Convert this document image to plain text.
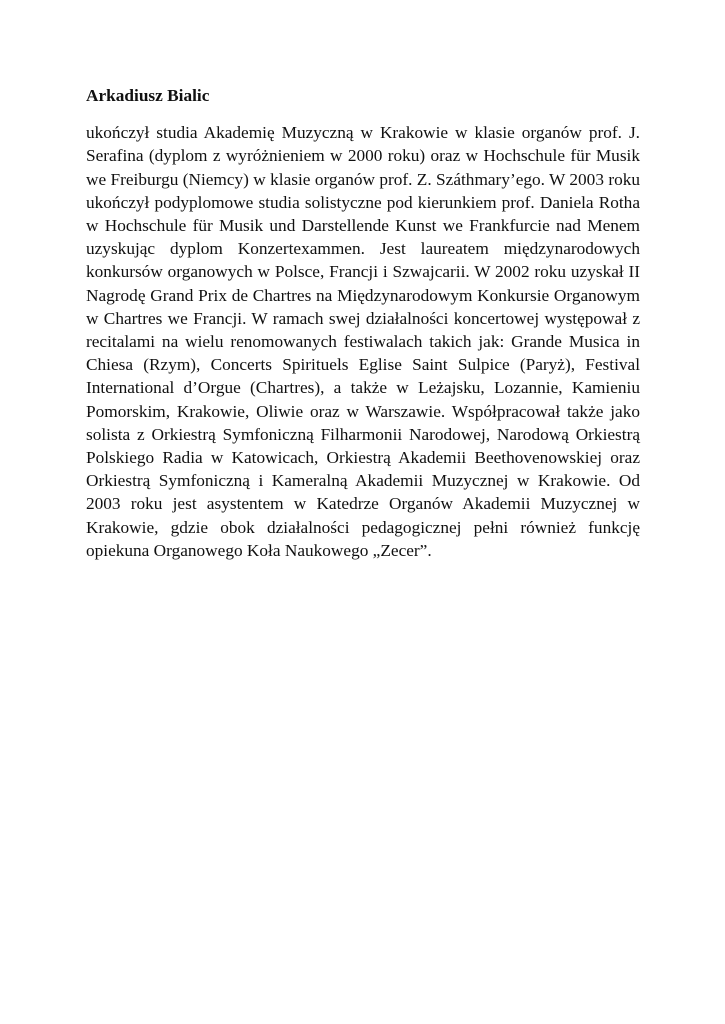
Arkadiusz Bialic

ukończył studia Akademię Muzyczną w Krakowie w klasie organów prof. J. Serafina (dyplom z wyróżnieniem w 2000 roku) oraz w Hochschule für Musik we Freiburgu (Niemcy) w klasie organów prof. Z. Száthmary’ego. W 2003 roku ukończył podyplomowe studia solistyczne pod kierunkiem prof. Daniela Rotha w Hochschule für Musik und Darstellende Kunst we Frankfurcie nad Menem uzyskując dyplom Konzertexammen. Jest laureatem międzynarodowych konkursów organowych w Polsce, Francji i Szwajcarii. W 2002 roku uzyskał II Nagrodę Grand Prix de Chartres na Międzynarodowym Konkursie Organowym w Chartres we Francji. W ramach swej działalności koncertowej występował z recitalami na wielu renomowanych festiwalach takich jak: Grande Musica in Chiesa (Rzym), Concerts Spirituels Eglise Saint Sulpice (Paryż), Festival International d’Orgue (Chartres), a także w Leżajsku, Lozannie, Kamieniu Pomorskim, Krakowie, Oliwie oraz w Warszawie. Współpracował także jako solista z Orkiestrą Symfoniczną Filharmonii Narodowej, Narodową Orkiestrą Polskiego Radia w Katowicach, Orkiestrą Akademii Beethovenowskiej oraz Orkiestrą Symfoniczną i Kameralną Akademii Muzycznej w Krakowie. Od 2003 roku jest asystentem w Katedrze Organów Akademii Muzycznej w Krakowie, gdzie obok działalności pedagogicznej pełni również funkcję opiekuna Organowego Koła Naukowego „Zecer”.
